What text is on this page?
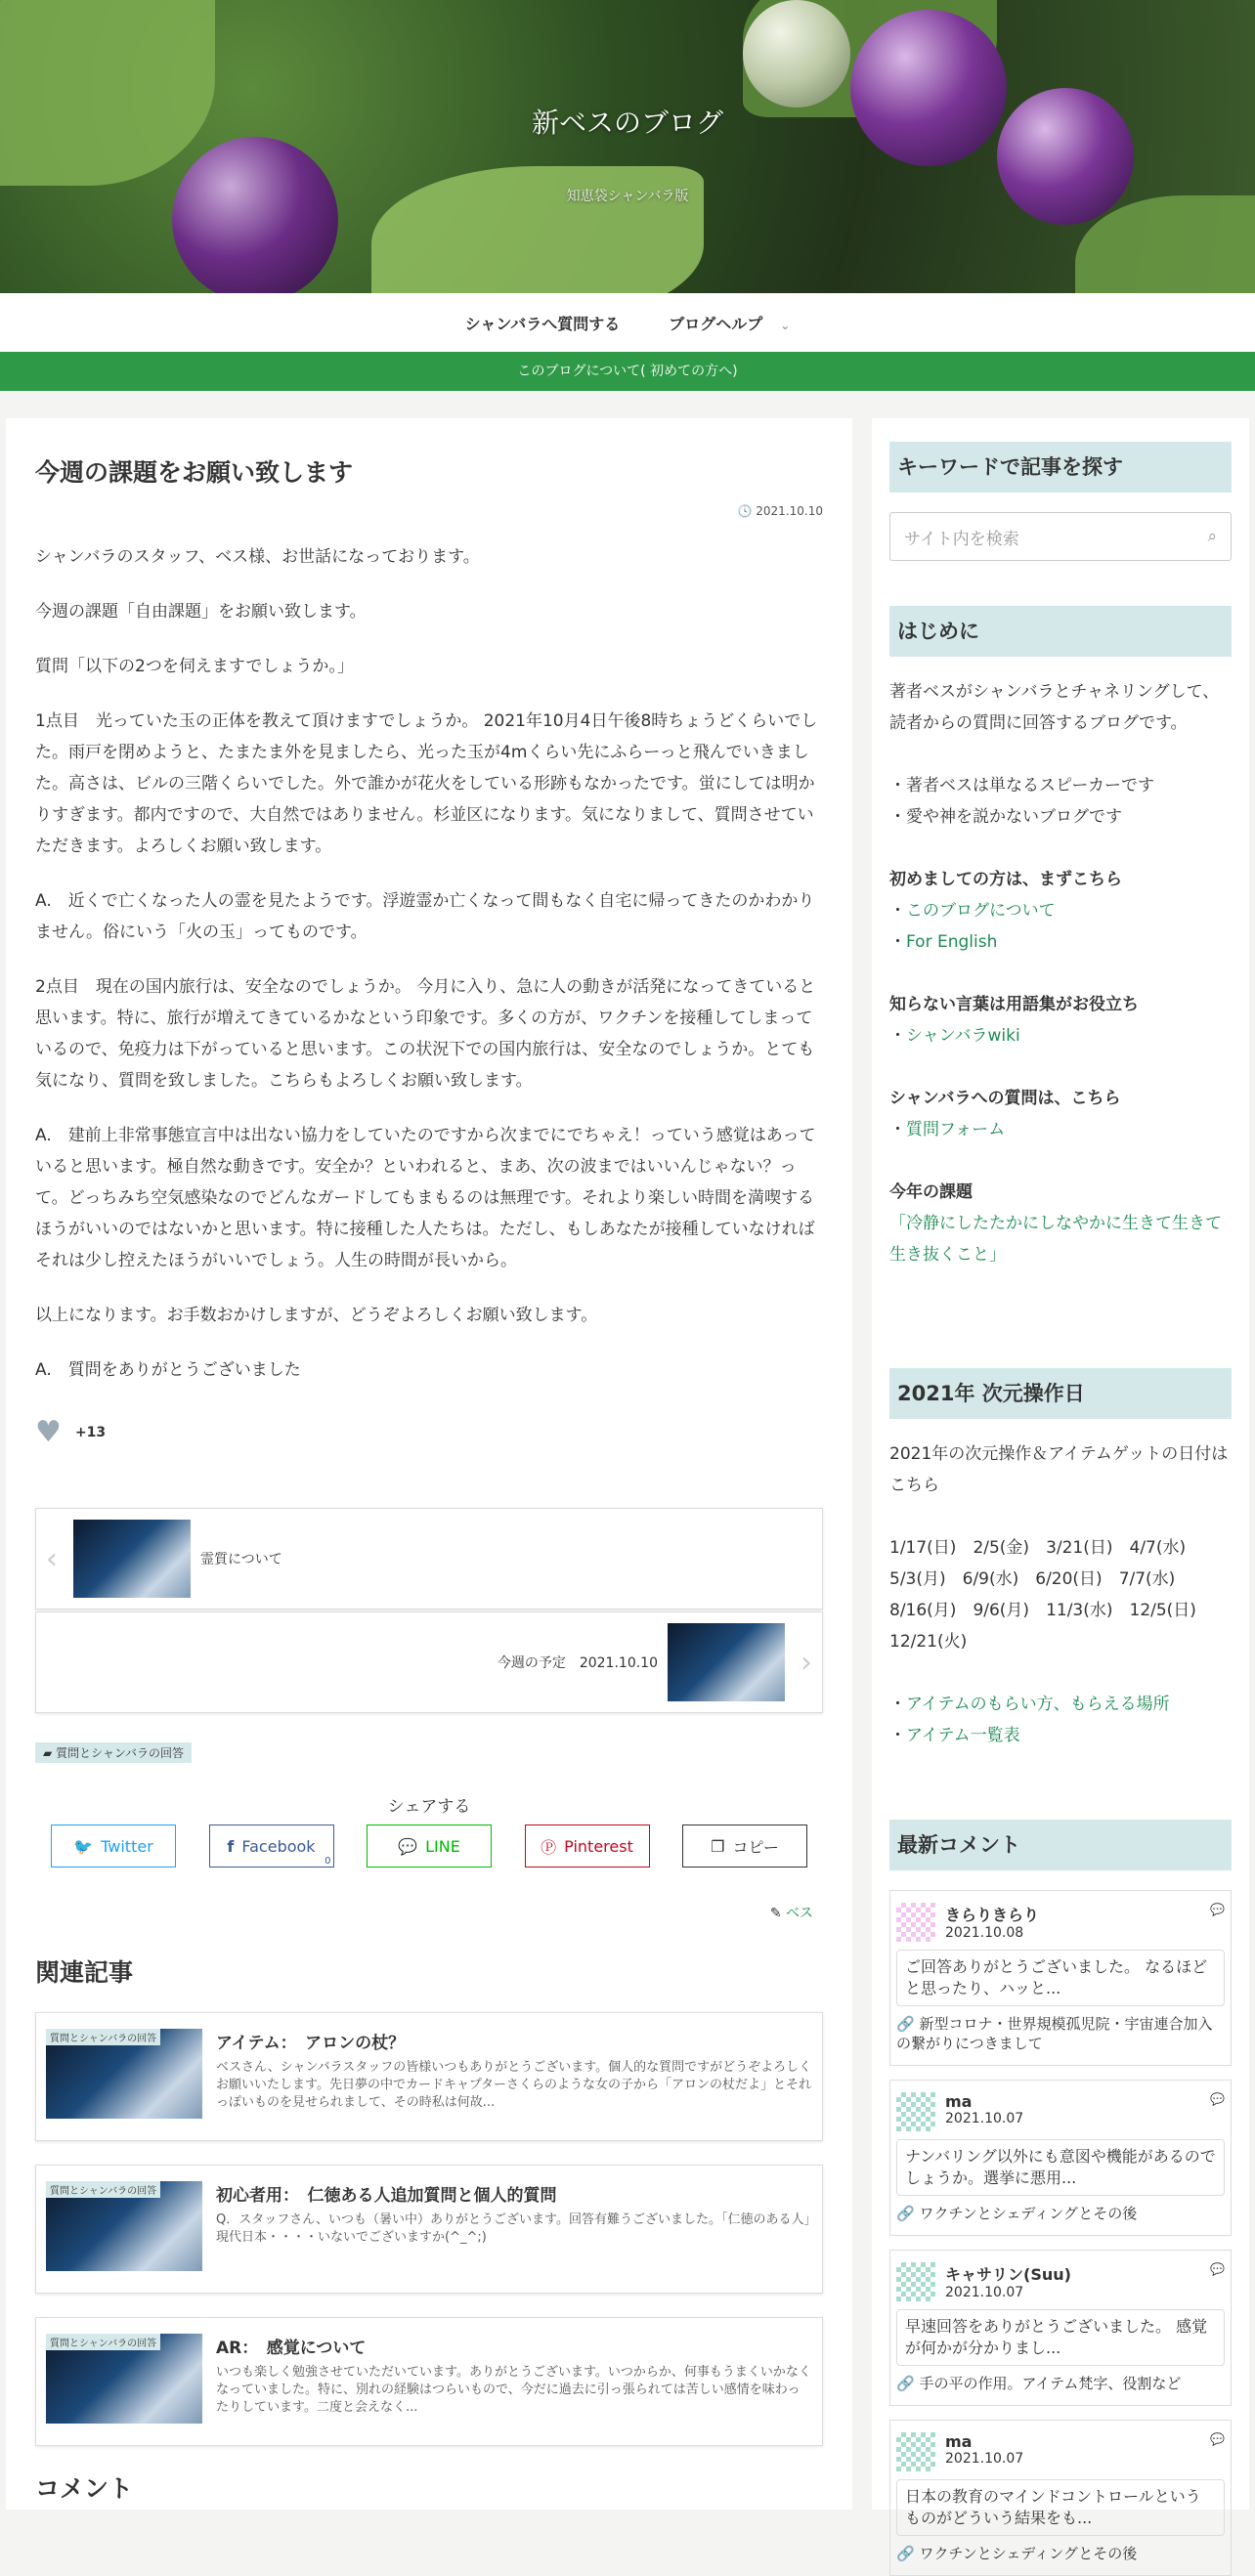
新ベスのブログ
知恵袋シャンバラ版
シャンバラへ質問する	ブログヘルプ ⌄
このブログについて( 初めての方へ)
今週の課題をお願い致します
🕓 2021.10.10

シャンバラのスタッフ、ベス様、お世話になっております。

今週の課題「自由課題」をお願い致します。

質問「以下の2つを伺えますでしょうか。」

1点目　光っていた玉の正体を教えて頂けますでしょうか。 2021年10月4日午後8時ちょうどくらいでした。雨戸を閉めようと、たまたま外を見ましたら、光った玉が4mくらい先にふらーっと飛んでいきました。高さは、ビルの三階くらいでした。外で誰かが花火をしている形跡もなかったです。蛍にしては明かりすぎます。都内ですので、大自然ではありません。杉並区になります。気になりまして、質問させていただきます。よろしくお願い致します。

A.　近くで亡くなった人の霊を見たようです。浮遊霊か亡くなって間もなく自宅に帰ってきたのかわかりません。俗にいう「火の玉」ってものです。

2点目　現在の国内旅行は、安全なのでしょうか。 今月に入り、急に人の動きが活発になってきていると思います。特に、旅行が増えてきているかなという印象です。多くの方が、ワクチンを接種してしまっているので、免疫力は下がっていると思います。この状況下での国内旅行は、安全なのでしょうか。とても気になり、質問を致しました。こちらもよろしくお願い致します。

A.　建前上非常事態宣言中は出ない協力をしていたのですから次までにでちゃえ！っていう感覚はあっていると思います。極自然な動きです。安全か？といわれると、まあ、次の波まではいいんじゃない？って。どっちみち空気感染なのでどんなガードしてもまもるのは無理です。それより楽しい時間を満喫するほうがいいのではないかと思います。特に接種した人たちは。ただし、もしあなたが接種していなければそれは少し控えたほうがいいでしょう。人生の時間が長いから。

以上になります。お手数おかけしますが、どうぞよろしくお願い致します。

A.　質問をありがとうございました

♥ +13
‹	霊質について
今週の予定　2021.10.10	›
▰ 質問とシャンバラの回答
シェアする
🐦 Twitter	f Facebook
0
💬 LINE	Ⓟ Pinterest	❐ コピー
✎ ベス
関連記事
質問とシャンバラの回答	アイテム：　アロンの杖？
ベスさん、シャンバラスタッフの皆様いつもありがとうございます。個人的な質問ですがどうぞよろしくお願いいたします。先日夢の中でカードキャプターさくらのような女の子から「アロンの杖だよ」とそれっぽいものを見せられまして、その時私は何故...
質問とシャンバラの回答	初心者用：　仁徳ある人追加質問と個人的質問
Q．スタッフさん、いつも（暑い中）ありがとうございます。回答有難うございました。「仁徳のある人」現代日本・・・・いないでございますか(^_^;)
質問とシャンバラの回答	AR：　感覚について
いつも楽しく勉強させていただいています。ありがとうございます。いつからか、何事もうまくいかなくなっていました。特に、別れの経験はつらいもので、今だに過去に引っ張られては苦しい感情を味わったりしています。二度と会えなく...
コメント
キーワードで記事を探す
サイト内を検索	⌕
はじめに

著者ベスがシャンバラとチャネリングして、読者からの質問に回答するブログです。

・著者ベスは単なるスピーカーです

・愛や神を説かないブログです

初めましての方は、まずこちら

・このブログについて

・For English

知らない言葉は用語集がお役立ち

・シャンバラwiki

シャンバラへの質問は、こちら

・質問フォーム

今年の課題

「冷静にしたたかにしなやかに生きて生きて生き抜くこと」

2021年 次元操作日

2021年の次元操作＆アイテムゲットの日付はこちら

1/17(日)　2/5(金)　3/21(日)　4/7(水)　5/3(月)　6/9(水)　6/20(日)　7/7(水)　8/16(月)　9/6(月)　11/3(水)　12/5(日)　12/21(火)

・アイテムのもらい方、もらえる場所

・アイテム一覧表

最新コメント
きらりきらり
2021.10.08
💬
ご回答ありがとうございました。 なるほどと思ったり、ハッと...
🔗 新型コロナ・世界規模孤児院・宇宙連合加入の繋がりにつきまして
ma
2021.10.07
💬
ナンバリング以外にも意図や機能があるのでしょうか。選挙に悪用...
🔗 ワクチンとシェディングとその後
キャサリン(Suu)
2021.10.07
💬
早速回答をありがとうございました。 感覚が何かが分かりまし...
🔗 手の平の作用。アイテム梵字、役割など
ma
2021.10.07
💬
日本の教育のマインドコントロールというものがどういう結果をも...
🔗 ワクチンとシェディングとその後
